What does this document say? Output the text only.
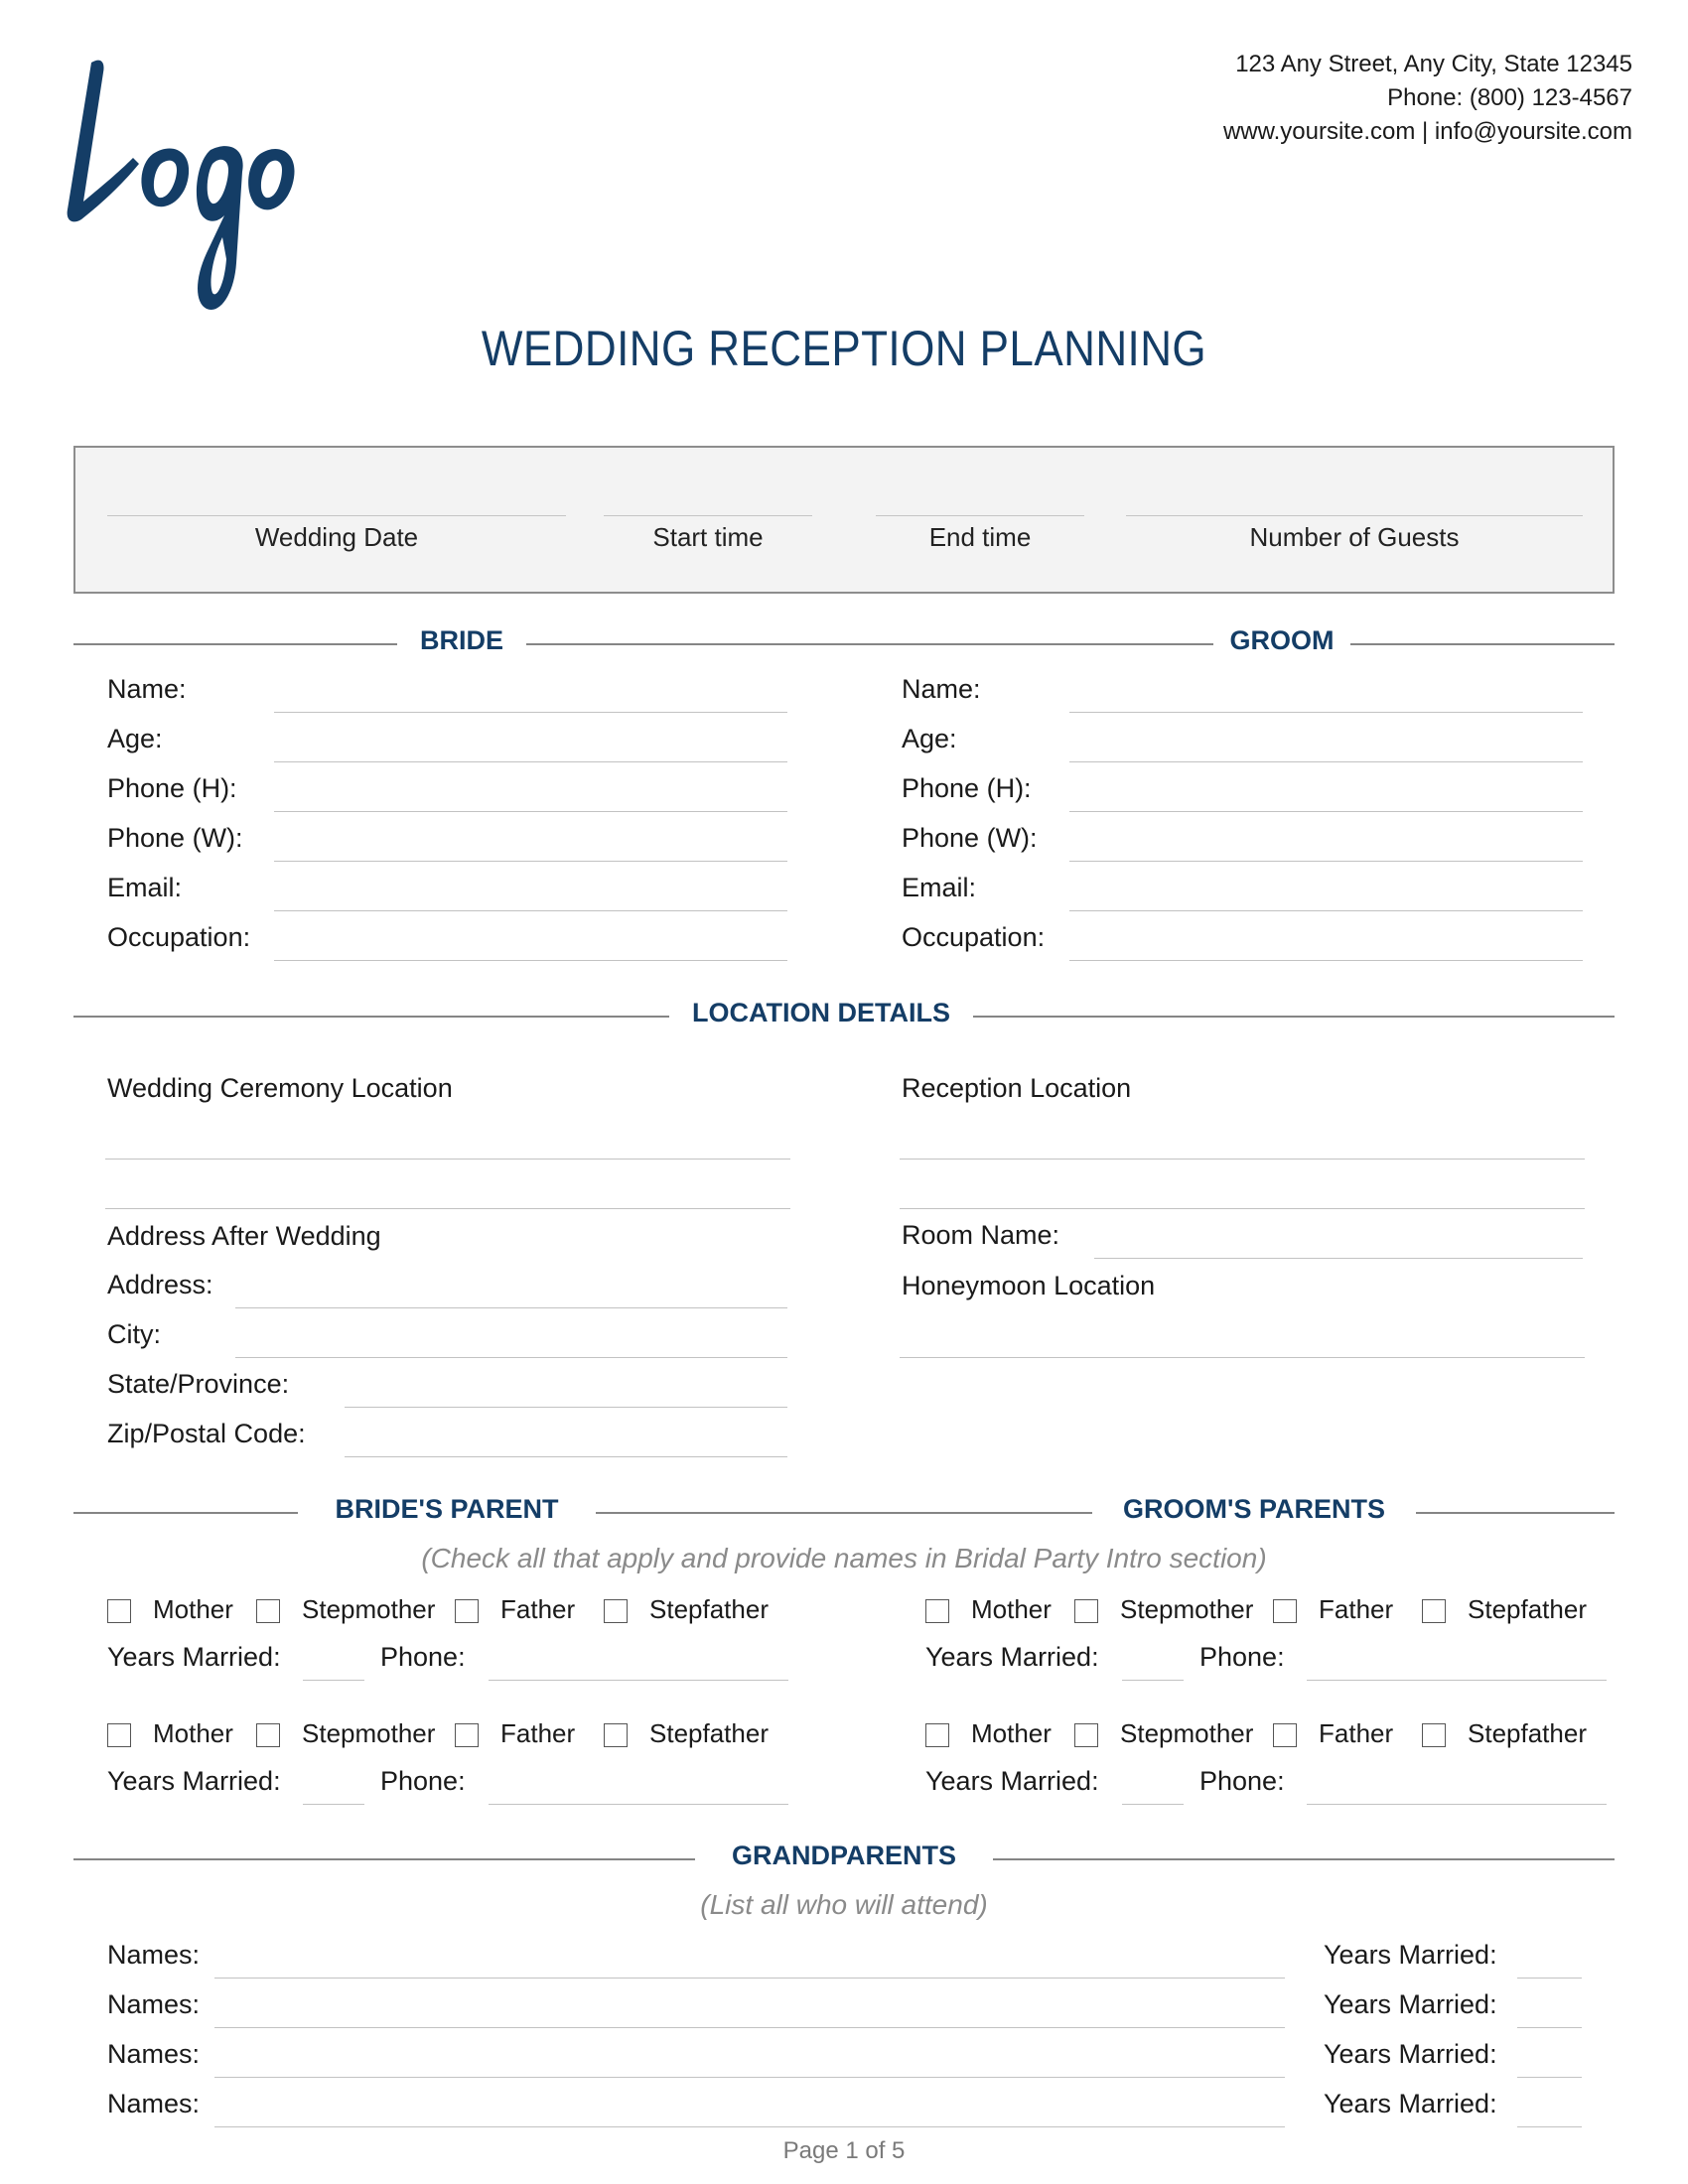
123 Any Street, Any City, State 12345
Phone: (800) 123-4567
www.yoursite.com | info@yoursite.com
WEDDING RECEPTION PLANNING
Wedding Date	Start time	End time	Number of Guests
BRIDE	GROOM
Name:
Age:
Phone (H):
Phone (W):
Email:
Occupation:
Name:
Age:
Phone (H):
Phone (W):
Email:
Occupation:
LOCATION DETAILS
Wedding Ceremony Location	Reception Location
Address After Wedding
Address:
City:
State/Province:
Zip/Postal Code:
Room Name:
Honeymoon Location
BRIDE'S PARENT	GROOM'S PARENTS
(Check all that apply and provide names in Bridal Party Intro section)
Mother	Stepmother	Father	Stepfather
Years Married:	Phone:
Mother	Stepmother	Father	Stepfather
Years Married:	Phone:
Mother	Stepmother	Father	Stepfather
Years Married:	Phone:
Mother	Stepmother	Father	Stepfather
Years Married:	Phone:
GRANDPARENTS
(List all who will attend)
Names:	Years Married:
Names:	Years Married:
Names:	Years Married:
Names:	Years Married:
Page 1 of 5
